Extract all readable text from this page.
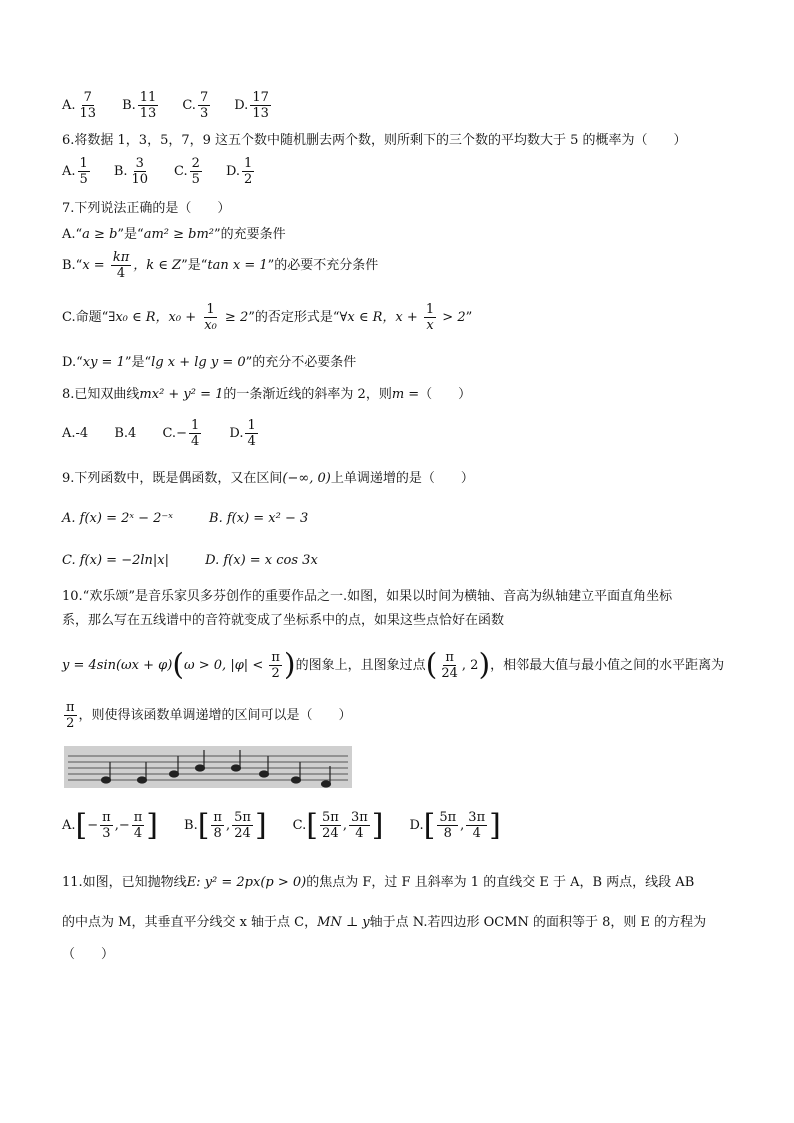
A. $\frac{7}{13} B$. $\frac{11}{13} C$. $\frac{7}{3} D$. $\frac{17}{13}$
6.将数据 1，3，5，7，9 这五个数中随机删去两个数，则所剩下的三个数的平均数大于 5 的概率为（　　）
A. $\frac{1}{5} B$. $\frac{3}{10} C$. $\frac{2}{5} D$. $\frac{1}{2}$
7.下列说法正确的是（　　）
A.“a ≥ b”是“am² ≥ bm²”的充要条件
B.“x = $\frac{k\pi}{4}$ ，k ∈ Z”是“tan x = 1”的必要不充分条件
C.命题“∃x₀ ∈ R，$x_0 + \frac{1}{\text{x₀}} \ge 2$”的否定形式是“∀x ∈ R，$x + \frac{1}{x} > 2$”
D.“xy = 1”是“lg x + lg y = 0”的充分不必要条件
8.已知双曲线mx² + y² = 1的一条渐近线的斜率为 2，则m =（　　）
A.-4 B.4 C. − $\frac{1}{4}$
D. $\frac{1}{4}$
9.下列函数中，既是偶函数，又在区间(−∞, 0)上单调递增的是（　　）
A. f(x) = 2ˣ − 2⁻ˣ	B. f(x) = x² − 3
C. f(x) = −2ln|x|	D. f(x) = x cos 3x
10.“欢乐颂”是音乐家贝多芬创作的重要作品之一.如图，如果以时间为横轴、音高为纵轴建立平面直角坐标
系，那么写在五线谱中的音符就变成了坐标系中的点，如果这些点恰好在函数
y = 4sin(ωx + φ)(ω > 0, $|\varphi| < \frac{\pi}{2}$ )的图象上，且图象过点( $\frac{\pi}{24}$ , 2)，相邻最大值与最小值之间的水平距离为
$\frac{\pi}{2}$ ，则使得该函数单调递增的区间可以是（　　）
A. [ − $\frac{\pi}{3}$ , − $\frac{\pi}{4}$ ] B. [ $\frac{\pi}{8}$ , $\frac{5\pi}{24}$ ] C. [ $\frac{5\pi}{24}$ , $\frac{3\pi}{4}$ ] D. [ $\frac{5\pi}{8}$ , $\frac{3\pi}{4}$ ]
11.如图，已知抛物线E: y² = 2px(p > 0)的焦点为 F，过 F 且斜率为 1 的直线交 E 于 A，B 两点，线段 AB
的中点为 M，其垂直平分线交 x 轴于点 C，MN ⊥ y轴于点 N.若四边形 OCMN 的面积等于 8，则 E 的方程为
（　　）
